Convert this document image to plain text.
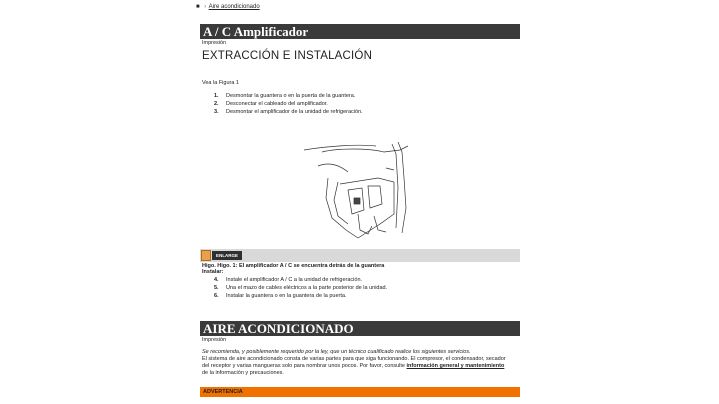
■ › Aire acondicionado
A / C Amplificador
Impresión
EXTRACCIÓN E INSTALACIÓN
Vea la Figura 1
1.	Desmontar la guantera o en la puerta de la guantera.
2.	Desconectar el cableado del amplificador.
3.	Desmontar el amplificador de la unidad de refrigeración.
ENLARGE
Higo. Higo. 1: El amplificador A / C se encuentra detrás de la guantera
Instalar:
4.	Instale el amplificador A / C a la unidad de refrigeración.
5.	Una el mazo de cables eléctricos a la parte posterior de la unidad.
6.	Instalar la guantera o en la guantera de la puerta.
AIRE ACONDICIONADO
Impresión
Se recomienda, y posiblemente requerido por la ley, que un técnico cualificado realice los siguientes servicios.
El sistema de aire acondicionado consta de varias partes para que siga funcionando. El compresor, el condensador, secador del receptor y varias mangueras solo para nombrar unos pocos. Por favor, consulte información general y mantenimiento de la información y precauciones.
ADVERTENCIA
